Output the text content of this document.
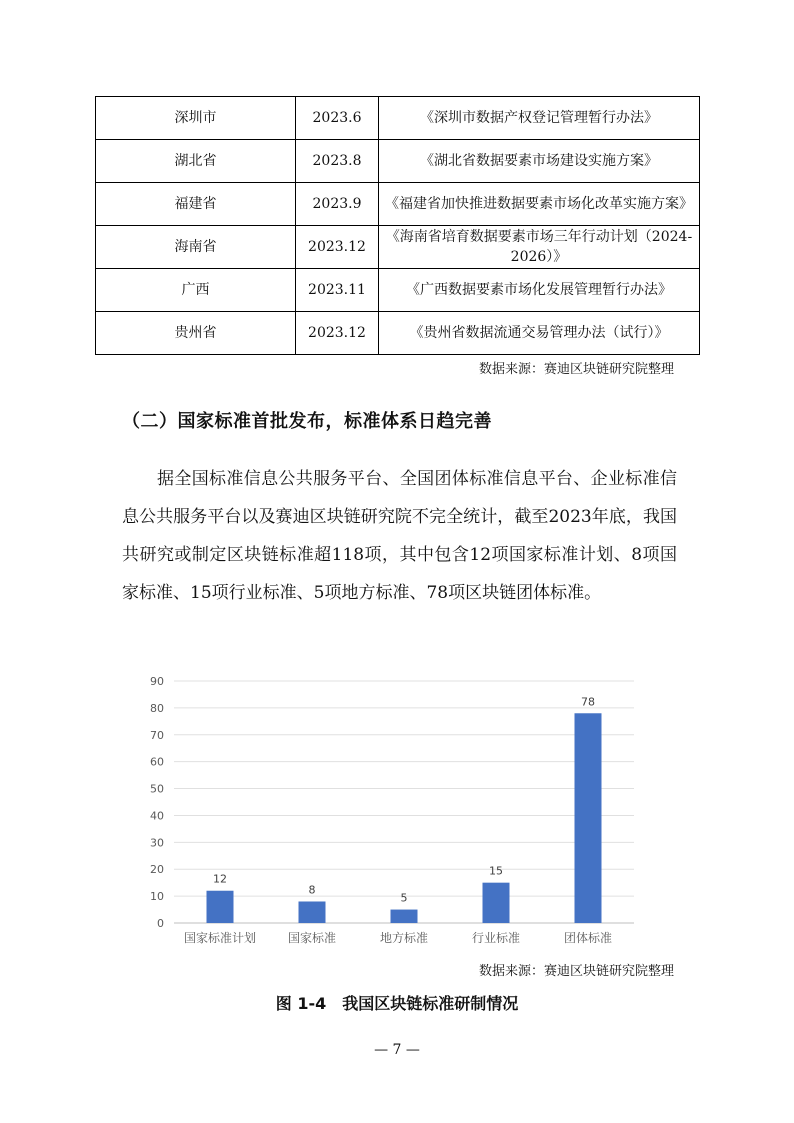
深圳市	2023.6	《深圳市数据产权登记管理暂行办法》
湖北省	2023.8	《湖北省数据要素市场建设实施方案》
福建省	2023.9	《福建省加快推进数据要素市场化改革实施方案》
海南省	2023.12	《海南省培育数据要素市场三年行动计划（2024-2026）》
广西	2023.11	《广西数据要素市场化发展管理暂行办法》
贵州省	2023.12	《贵州省数据流通交易管理办法（试行）》
数据来源：赛迪区块链研究院整理
（二）国家标准首批发布，标准体系日趋完善
据全国标准信息公共服务平台、全国团体标准信息平台、企业标准信息公共服务平台以及赛迪区块链研究院不完全统计，截至2023年底，我国共研究或制定区块链标准超118项，其中包含12项国家标准计划、8项国家标准、15项行业标准、5项地方标准、78项区块链团体标准。
0
10
20
30
40
50
60
70
80
90
12
国家标准计划
8
国家标准
5
地方标准
15
行业标准
78
团体标准
数据来源：赛迪区块链研究院整理
图 1-4　我国区块链标准研制情况
— 7 —
